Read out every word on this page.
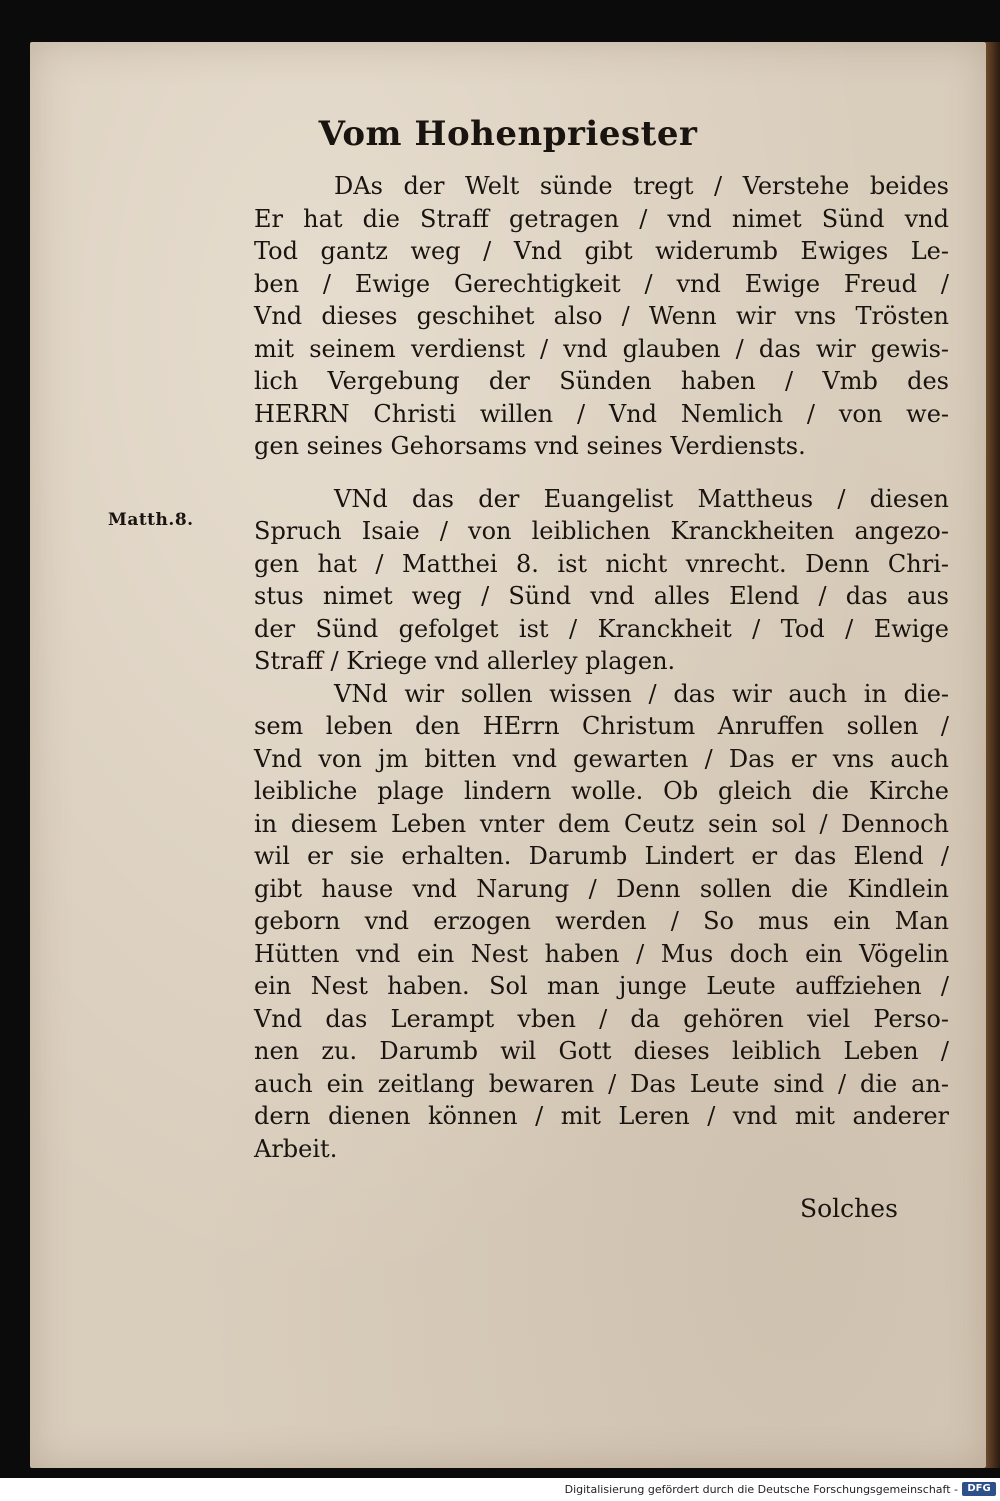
Vom Hohenpriester
Matth.8.
DAs der Welt sünde tregt / Verstehe beides
Er hat die Straff getragen / vnd nimet Sünd vnd
Tod gantz weg / Vnd gibt widerumb Ewiges Le-
ben / Ewige Gerechtigkeit / vnd Ewige Freud /
Vnd dieses geschihet also / Wenn wir vns Trösten
mit seinem verdienst / vnd glauben / das wir gewis-
lich Vergebung der Sünden haben / Vmb des
HERRN Christi willen / Vnd Nemlich / von we-
gen seines Gehorsams vnd seines Verdiensts.
VNd das der Euangelist Mattheus / diesen
Spruch Isaie / von leiblichen Kranckheiten angezo-
gen hat / Matthei 8. ist nicht vnrecht. Denn Chri-
stus nimet weg / Sünd vnd alles Elend / das aus
der Sünd gefolget ist / Kranckheit / Tod / Ewige
Straff / Kriege vnd allerley plagen.
VNd wir sollen wissen / das wir auch in die-
sem leben den HErrn Christum Anruffen sollen /
Vnd von jm bitten vnd gewarten / Das er vns auch
leibliche plage lindern wolle. Ob gleich die Kirche
in diesem Leben vnter dem Ceutz sein sol / Dennoch
wil er sie erhalten. Darumb Lindert er das Elend /
gibt hause vnd Narung / Denn sollen die Kindlein
geborn vnd erzogen werden / So mus ein Man
Hütten vnd ein Nest haben / Mus doch ein Vögelin
ein Nest haben. Sol man junge Leute auffziehen /
Vnd das Lerampt vben / da gehören viel Perso-
nen zu. Darumb wil Gott dieses leiblich Leben /
auch ein zeitlang bewaren / Das Leute sind / die an-
dern dienen können / mit Leren / vnd mit anderer
Arbeit.
Solches
Digitalisierung gefördert durch die Deutsche Forschungsgemeinschaft - DFG
